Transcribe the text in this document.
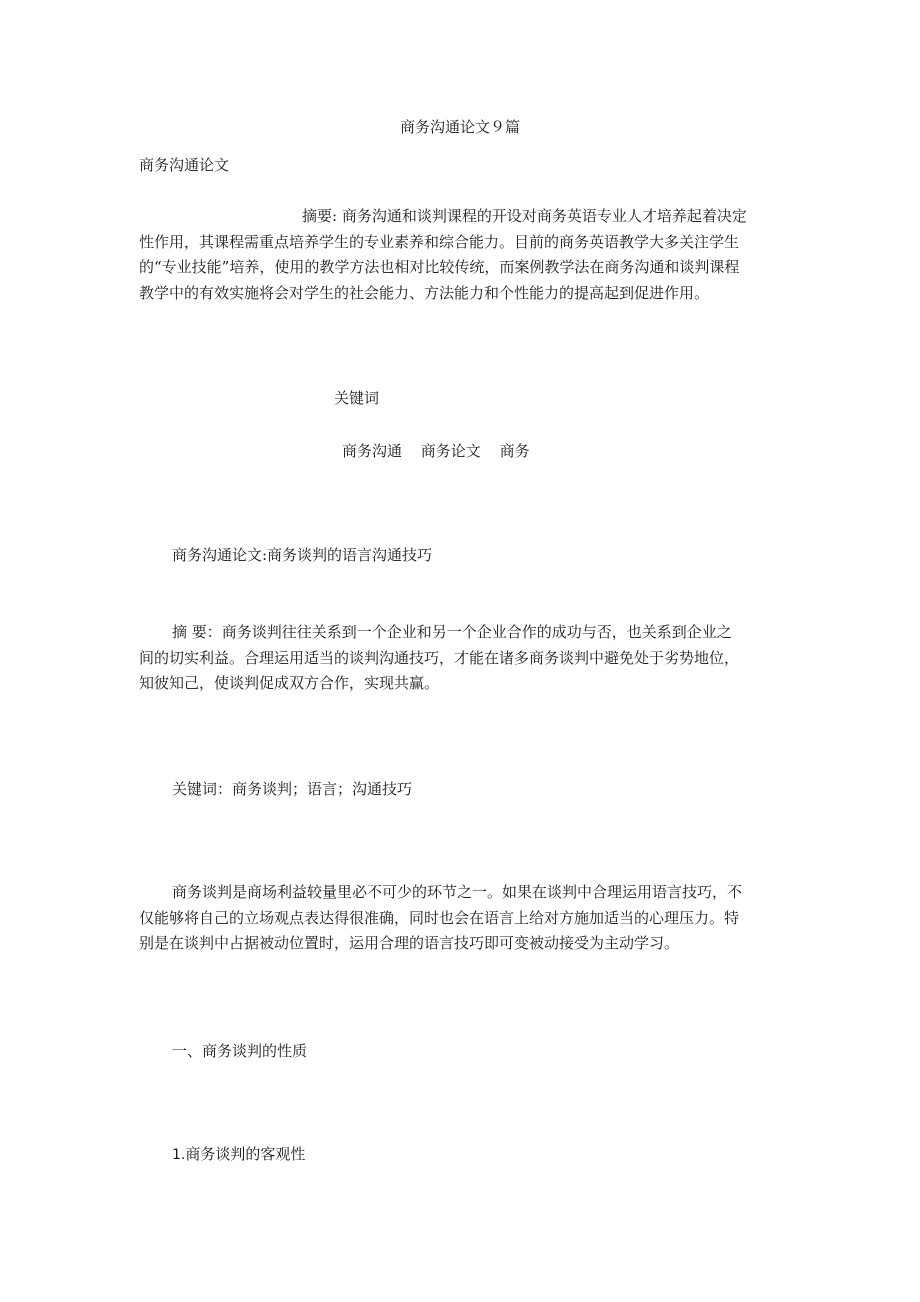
商务沟通论文９篇
商务沟通论文
摘要: 商务沟通和谈判课程的开设对商务英语专业人才培养起着决定
性作用，其课程需重点培养学生的专业素养和综合能力。目前的商务英语教学大多关注学生
的“专业技能”培养，使用的教学方法也相对比较传统，而案例教学法在商务沟通和谈判课程
教学中的有效实施将会对学生的社会能力、方法能力和个性能力的提高起到促进作用。
关键词
商务沟通 商务论文 商务
商务沟通论文:商务谈判的语言沟通技巧
摘 要：商务谈判往往关系到一个企业和另一个企业合作的成功与否，也关系到企业之
间的切实利益。合理运用适当的谈判沟通技巧，才能在诸多商务谈判中避免处于劣势地位，
知彼知己，使谈判促成双方合作，实现共赢。
关键词：商务谈判；语言；沟通技巧
商务谈判是商场利益较量里必不可少的环节之一。如果在谈判中合理运用语言技巧，不
仅能够将自己的立场观点表达得很准确，同时也会在语言上给对方施加适当的心理压力。特
别是在谈判中占据被动位置时，运用合理的语言技巧即可变被动接受为主动学习。
一、商务谈判的性质
1.商务谈判的客观性
